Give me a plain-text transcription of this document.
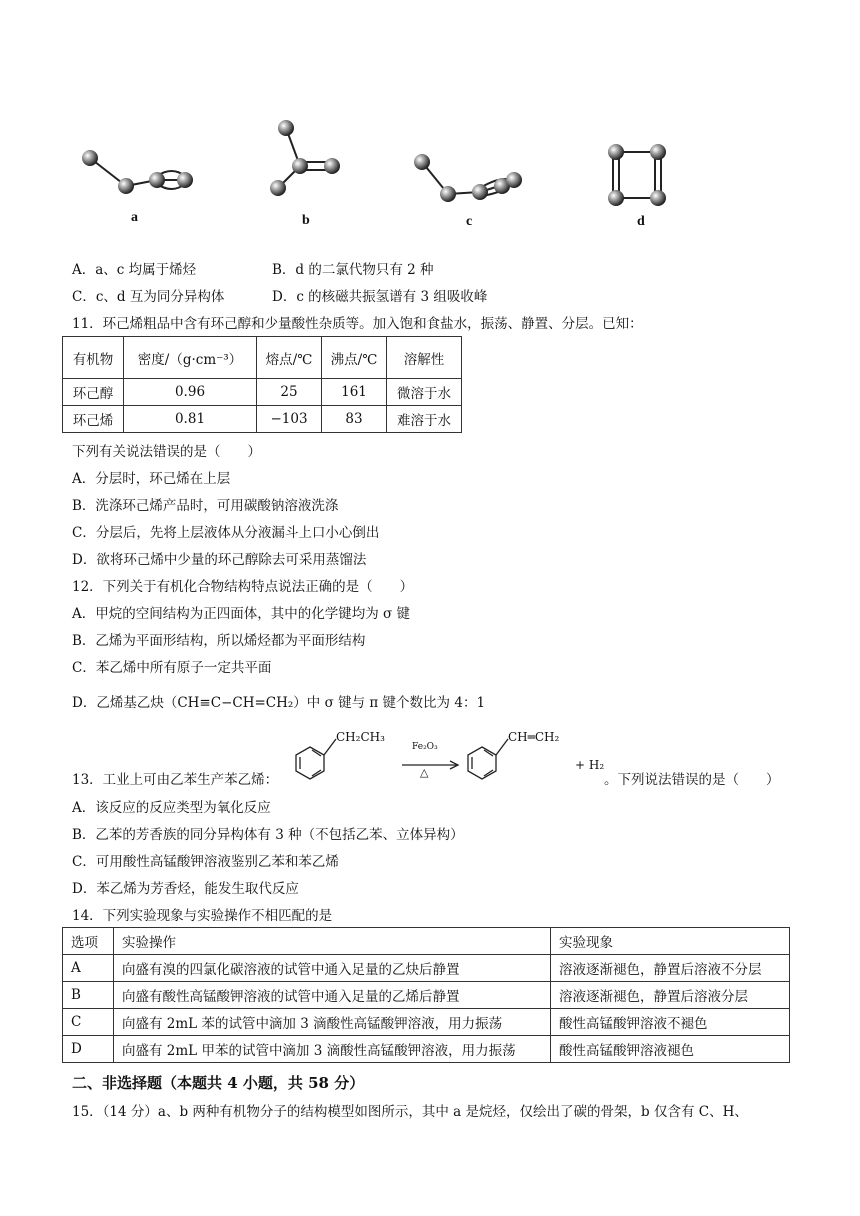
a	b	c	d
A．a、c 均属于烯烃	B．d 的二氯代物只有 2 种
C．c、d 互为同分异构体	D．c 的核磁共振氢谱有 3 组吸收峰
11．环己烯粗品中含有环己醇和少量酸性杂质等。加入饱和食盐水，振荡、静置、分层。已知：
有机物	密度/（g·cm⁻³）	熔点/℃	沸点/℃	溶解性
环己醇	0.96	25	161	微溶于水
环己烯	0.81	−103	83	难溶于水
下列有关说法错误的是（　　）
A．分层时，环己烯在上层
B．洗涤环己烯产品时，可用碳酸钠溶液洗涤
C．分层后，先将上层液体从分液漏斗上口小心倒出
D．欲将环己烯中少量的环己醇除去可采用蒸馏法
12．下列关于有机化合物结构特点说法正确的是（　　）
A．甲烷的空间结构为正四面体，其中的化学键均为 σ 键
B．乙烯为平面形结构，所以烯烃都为平面形结构
C．苯乙烯中所有原子一定共平面
D．乙烯基乙炔（CH≡C−CH=CH₂）中 σ 键与 π 键个数比为 4：1
13．工业上可由乙苯生产苯乙烯：
CH₂CH₃
Fe₂O₃
△
CH═CH₂
+ H₂
。下列说法错误的是（　　）
A．该反应的反应类型为氧化反应
B．乙苯的芳香族的同分异构体有 3 种（不包括乙苯、立体异构）
C．可用酸性高锰酸钾溶液鉴别乙苯和苯乙烯
D．苯乙烯为芳香烃，能发生取代反应
14．下列实验现象与实验操作不相匹配的是
选项	实验操作	实验现象
A	向盛有溴的四氯化碳溶液的试管中通入足量的乙炔后静置	溶液逐渐褪色，静置后溶液不分层
B	向盛有酸性高锰酸钾溶液的试管中通入足量的乙烯后静置	溶液逐渐褪色，静置后溶液分层
C	向盛有 2mL 苯的试管中滴加 3 滴酸性高锰酸钾溶液，用力振荡	酸性高锰酸钾溶液不褪色
D	向盛有 2mL 甲苯的试管中滴加 3 滴酸性高锰酸钾溶液，用力振荡	酸性高锰酸钾溶液褪色
二、非选择题（本题共 4 小题，共 58 分）
15．（14 分）a、b 两种有机物分子的结构模型如图所示，其中 a 是烷烃，仅绘出了碳的骨架，b 仅含有 C、H、
